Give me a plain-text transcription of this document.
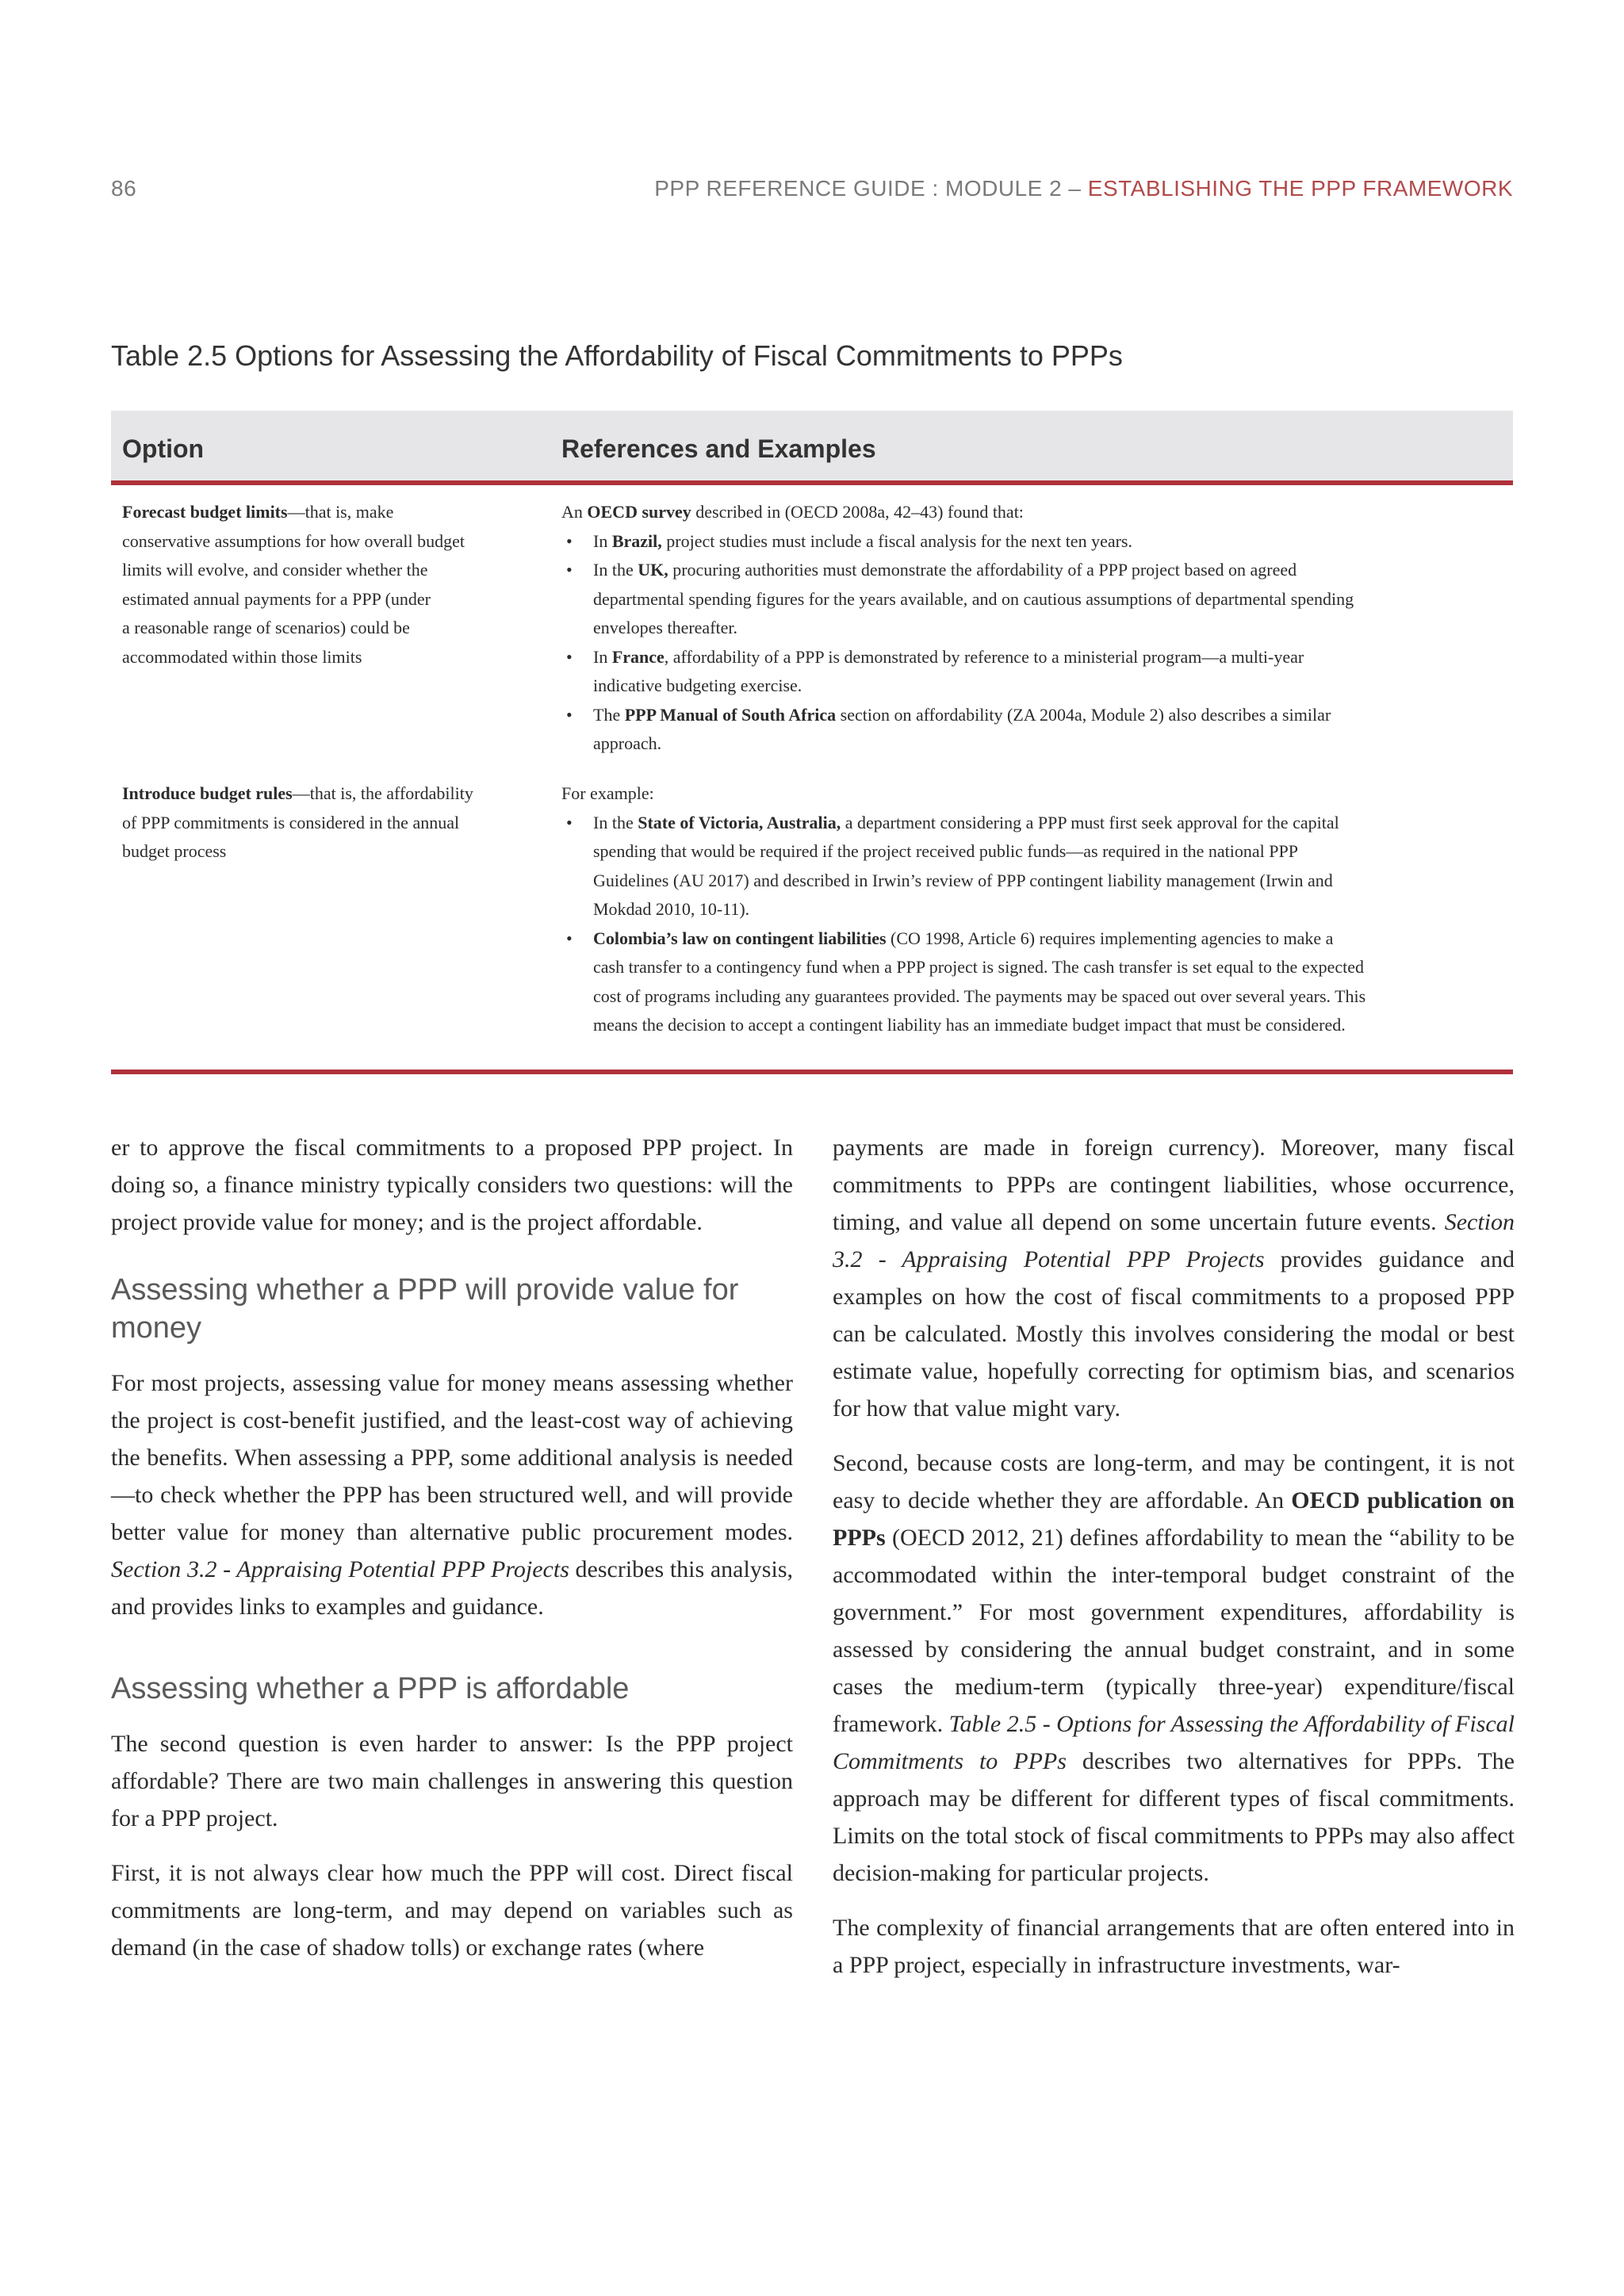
86	PPP REFERENCE GUIDE : MODULE 2 – ESTABLISHING THE PPP FRAMEWORK
Table 2.5 Options for Assessing the Affordability of Fiscal Commitments to PPPs
Option	References and Examples
Forecast budget limits—that is, make
conservative assumptions for how overall budget
limits will evolve, and consider whether the
estimated annual payments for a PPP (under
a reasonable range of scenarios) could be
accommodated within those limits
An OECD survey described in (OECD 2008a, 42–43) found that:
• In Brazil, project studies must include a fiscal analysis for the next ten years.
• In the UK, procuring authorities must demonstrate the affordability of a PPP project based on agreed
departmental spending figures for the years available, and on cautious assumptions of departmental spending
envelopes thereafter.
• In France, affordability of a PPP is demonstrated by reference to a ministerial program—a multi-year
indicative budgeting exercise.
• The PPP Manual of South Africa section on affordability (ZA 2004a, Module 2) also describes a similar
approach.
Introduce budget rules—that is, the affordability
of PPP commitments is considered in the annual
budget process
For example:
• In the State of Victoria, Australia, a department considering a PPP must first seek approval for the capital
spending that would be required if the project received public funds—as required in the national PPP
Guidelines (AU 2017) and described in Irwin’s review of PPP contingent liability management (Irwin and
Mokdad 2010, 10-11).
• Colombia’s law on contingent liabilities (CO 1998, Article 6) requires implementing agencies to make a
cash transfer to a contingency fund when a PPP project is signed. The cash transfer is set equal to the expected
cost of programs including any guarantees provided. The payments may be spaced out over several years. This
means the decision to accept a contingent liability has an immediate budget impact that must be considered.

er to approve the fiscal commitments to a proposed PPP project. In doing so, a finance ministry typically considers two questions: will the project provide value for money; and is the project affordable.

Assessing whether a PPP will provide value for money

For most projects, assessing value for money means assessing whether the project is cost-benefit justified, and the least-cost way of achieving the benefits. When assessing a PPP, some additional analysis is needed—to check whether the PPP has been structured well, and will provide better value for money than alternative public procurement modes. Section 3.2 - Appraising Potential PPP Projects describes this analysis, and provides links to examples and guidance.

Assessing whether a PPP is affordable

The second question is even harder to answer: Is the PPP project affordable? There are two main challenges in answering this question for a PPP project.

First, it is not always clear how much the PPP will cost. Direct fiscal commitments are long-term, and may depend on variables such as demand (in the case of shadow tolls) or exchange rates (where

payments are made in foreign currency). Moreover, many fiscal commitments to PPPs are contingent liabilities, whose occurrence, timing, and value all depend on some uncertain future events. Section 3.2 - Appraising Potential PPP Projects provides guidance and examples on how the cost of fiscal commitments to a proposed PPP can be calculated. Mostly this involves considering the modal or best estimate value, hopefully correcting for optimism bias, and scenarios for how that value might vary.

Second, because costs are long-term, and may be contingent, it is not easy to decide whether they are affordable. An OECD publication on PPPs (OECD 2012, 21) defines affordability to mean the “ability to be accommodated within the inter-temporal budget constraint of the government.” For most government expenditures, affordability is assessed by considering the annual budget constraint, and in some cases the medium-term (typically three-year) expenditure/fiscal framework. Table 2.5 - Options for Assessing the Affordability of Fiscal Commitments to PPPs describes two alternatives for PPPs. The approach may be different for different types of fiscal commitments. Limits on the total stock of fiscal commitments to PPPs may also affect decision-making for particular projects.

The complexity of financial arrangements that are often entered into in a PPP project, especially in infrastructure investments, war-
